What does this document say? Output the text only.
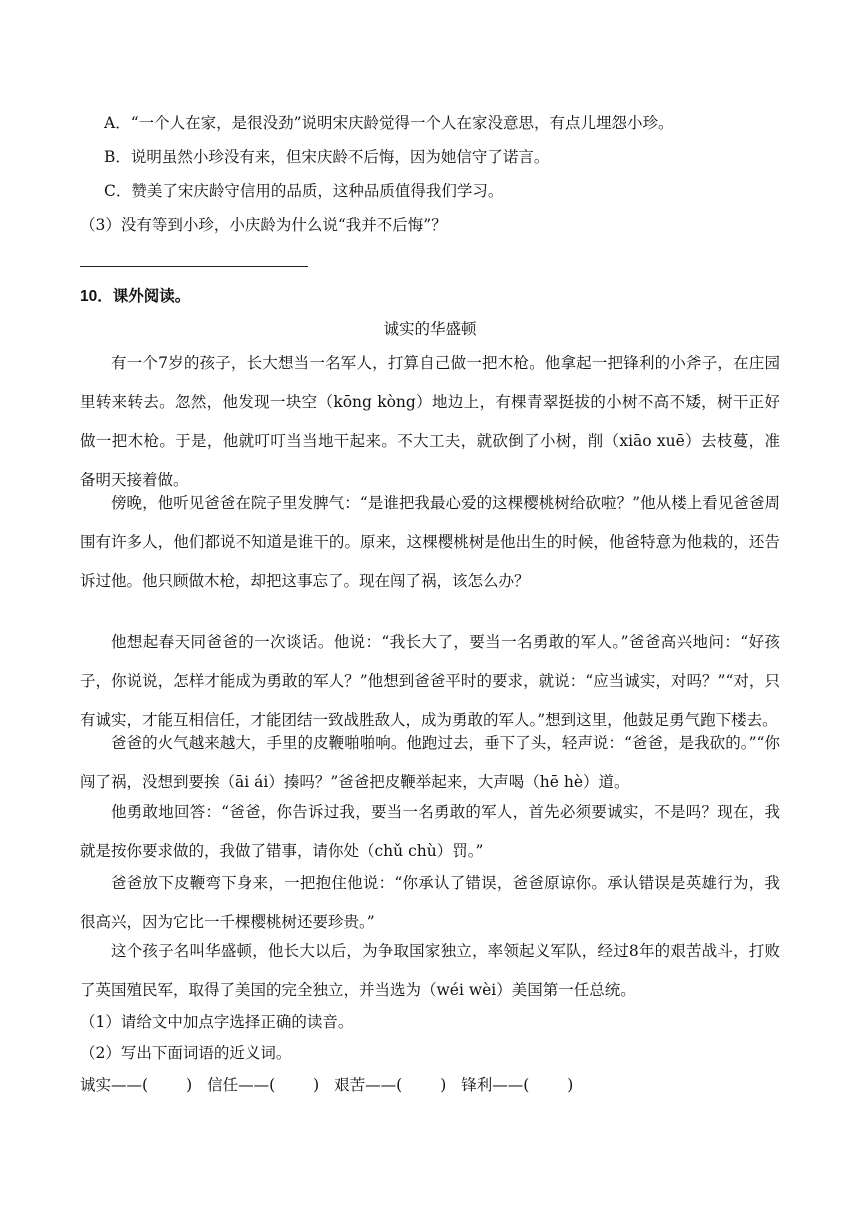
A．“一个人在家，是很没劲”说明宋庆龄觉得一个人在家没意思，有点儿埋怨小珍。
B．说明虽然小珍没有来，但宋庆龄不后悔，因为她信守了诺言。
C．赞美了宋庆龄守信用的品质，这种品质值得我们学习。
（3）没有等到小珍，小庆龄为什么说“我并不后悔”？
10．课外阅读。
诚实的华盛顿
有一个7岁的孩子，长大想当一名军人，打算自己做一把木枪。他拿起一把锋利的小斧子，在庄园里转来转去。忽然，他发现一块空（kōng kòng）地边上，有棵青翠挺拔的小树不高不矮，树干正好做一把木枪。于是，他就叮叮当当地干起来。不大工夫，就砍倒了小树，削（xiāo xuē）去枝蔓，准备明天接着做。
傍晚，他听见爸爸在院子里发脾气：“是谁把我最心爱的这棵樱桃树给砍啦？”他从楼上看见爸爸周围有许多人，他们都说不知道是谁干的。原来，这棵樱桃树是他出生的时候，他爸特意为他栽的，还告诉过他。他只顾做木枪，却把这事忘了。现在闯了祸，该怎么办？
他想起春天同爸爸的一次谈话。他说：“我长大了，要当一名勇敢的军人。”爸爸高兴地问：“好孩子，你说说，怎样才能成为勇敢的军人？”他想到爸爸平时的要求，就说：“应当诚实，对吗？”“对，只有诚实，才能互相信任，才能团结一致战胜敌人，成为勇敢的军人。”想到这里，他鼓足勇气跑下楼去。
爸爸的火气越来越大，手里的皮鞭啪啪响。他跑过去，垂下了头，轻声说：“爸爸，是我砍的。”“你闯了祸，没想到要挨（āi ái）揍吗？”爸爸把皮鞭举起来，大声喝（hē hè）道。
他勇敢地回答：“爸爸，你告诉过我，要当一名勇敢的军人，首先必须要诚实，不是吗？现在，我就是按你要求做的，我做了错事，请你处（chǔ chù）罚。”
爸爸放下皮鞭弯下身来，一把抱住他说：“你承认了错误，爸爸原谅你。承认错误是英雄行为，我很高兴，因为它比一千棵樱桃树还要珍贵。”
这个孩子名叫华盛顿，他长大以后，为争取国家独立，率领起义军队，经过8年的艰苦战斗，打败了英国殖民军，取得了美国的完全独立，并当选为（wéi wèi）美国第一任总统。
（1）请给文中加点字选择正确的读音。
（2）写出下面词语的近义词。
诚实——( ) 信任——( ) 艰苦——( ) 锋利——( )
